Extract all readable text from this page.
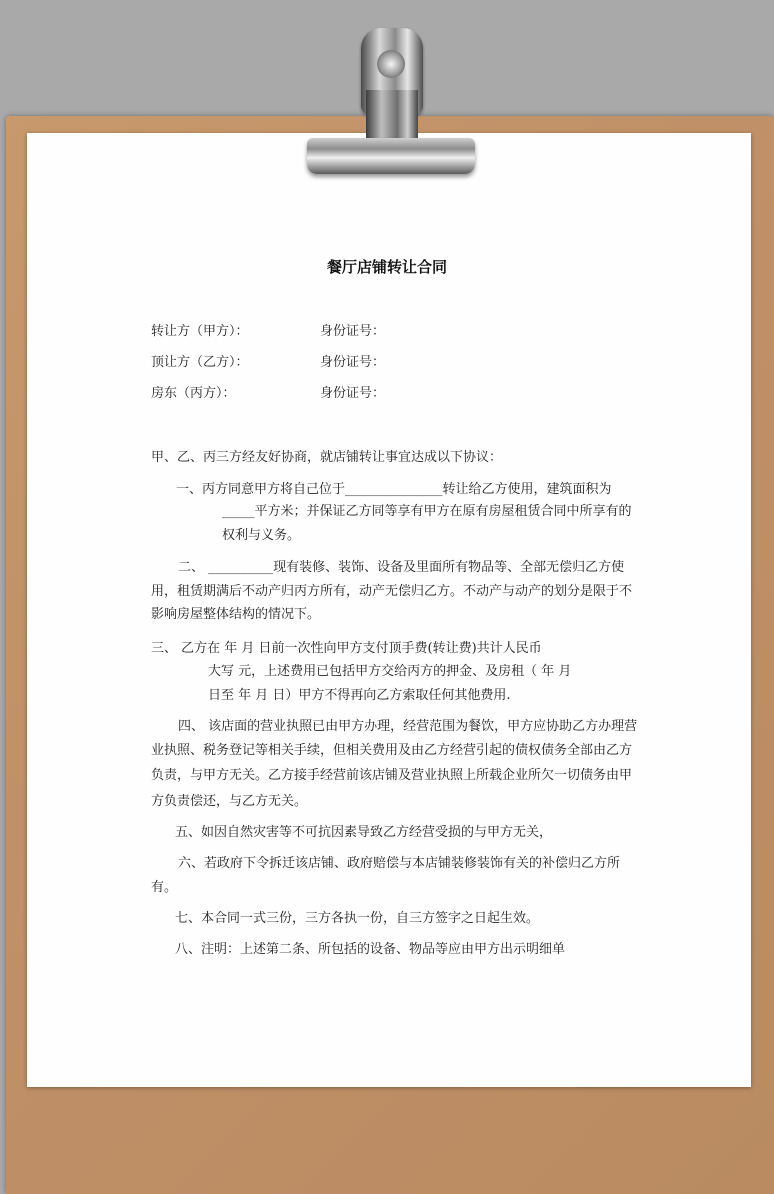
餐厅店铺转让合同
转让方（甲方）：	身份证号：
顶让方（乙方）：	身份证号：
房东（丙方）：	身份证号：
甲、乙、丙三方经友好协商，就店铺转让事宜达成以下协议：
一、丙方同意甲方将自己位于_______________转让给乙方使用，建筑面积为
_____平方米；并保证乙方同等享有甲方在原有房屋租赁合同中所享有的
权利与义务。
二、 __________现有装修、装饰、设备及里面所有物品等、全部无偿归乙方使
用，租赁期满后不动产归丙方所有，动产无偿归乙方。不动产与动产的划分是限于不
影响房屋整体结构的情况下。
三、 乙方在 年 月 日前一次性向甲方支付顶手费(转让费)共计人民币
大写 元，上述费用已包括甲方交给丙方的押金、及房租（ 年 月
日至 年 月 日）甲方不得再向乙方索取任何其他费用.
四、 该店面的营业执照已由甲方办理，经营范围为餐饮，甲方应协助乙方办理营
业执照、税务登记等相关手续，但相关费用及由乙方经营引起的债权债务全部由乙方
负责，与甲方无关。乙方接手经营前该店铺及营业执照上所载企业所欠一切债务由甲
方负责偿还，与乙方无关。
五、如因自然灾害等不可抗因素导致乙方经营受损的与甲方无关，
六、若政府下令拆迁该店铺、政府赔偿与本店铺装修装饰有关的补偿归乙方所
有。
七、本合同一式三份，三方各执一份，自三方签字之日起生效。
八、注明：上述第二条、所包括的设备、物品等应由甲方出示明细单
